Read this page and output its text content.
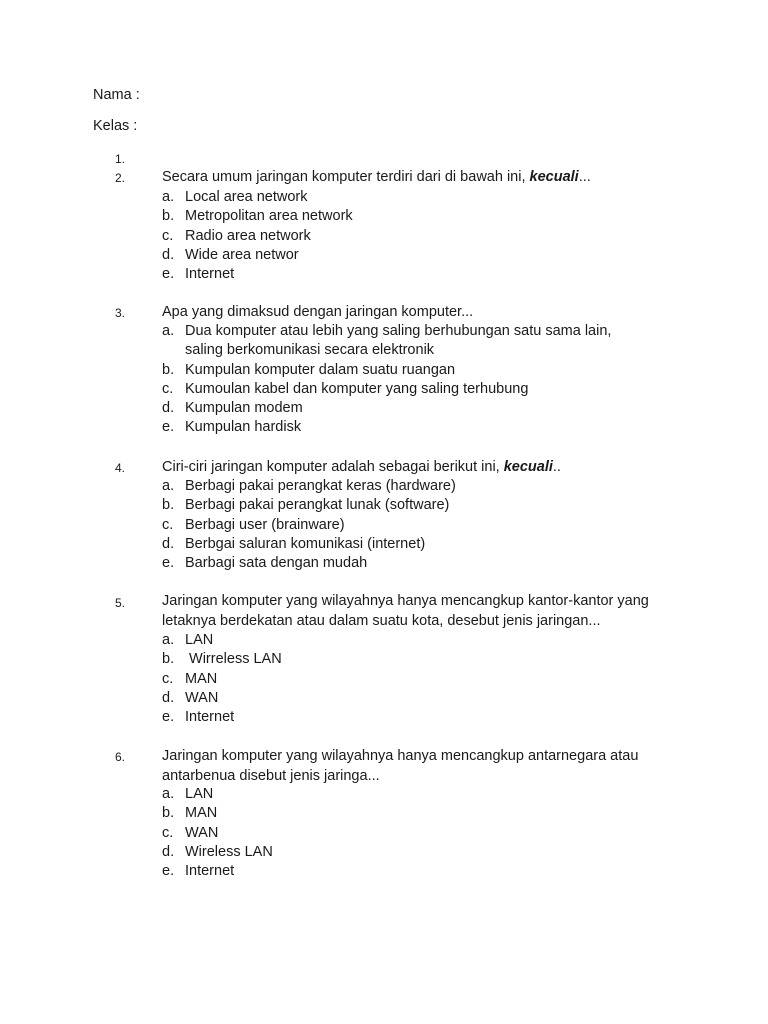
Nama :
Kelas :
1.
2.	Secara umum jaringan komputer terdiri dari di bawah ini, kecuali...
a. Local area network
b. Metropolitan area network
c. Radio area network
d. Wide area networ
e. Internet
3.	Apa yang dimaksud dengan jaringan komputer...
a. Dua komputer atau lebih yang saling berhubungan satu sama lain, saling berkomunikasi secara elektronik
b. Kumpulan komputer dalam suatu ruangan
c. Kumoulan kabel dan komputer yang saling terhubung
d. Kumpulan modem
e. Kumpulan hardisk
4.	Ciri-ciri jaringan komputer adalah sebagai berikut ini, kecuali..
a. Berbagi pakai perangkat keras (hardware)
b. Berbagi pakai perangkat lunak (software)
c. Berbagi user (brainware)
d. Berbgai saluran komunikasi (internet)
e. Barbagi sata dengan mudah
5.	Jaringan komputer yang wilayahnya hanya mencangkup kantor-kantor yang letaknya berdekatan atau dalam suatu kota, desebut jenis jaringan...
a. LAN
b. Wirreless LAN
c. MAN
d. WAN
e. Internet
6.	Jaringan komputer yang wilayahnya hanya mencangkup antarnegara atau antarbenua disebut jenis jaringa...
a. LAN
b. MAN
c. WAN
d. Wireless LAN
e. Internet
